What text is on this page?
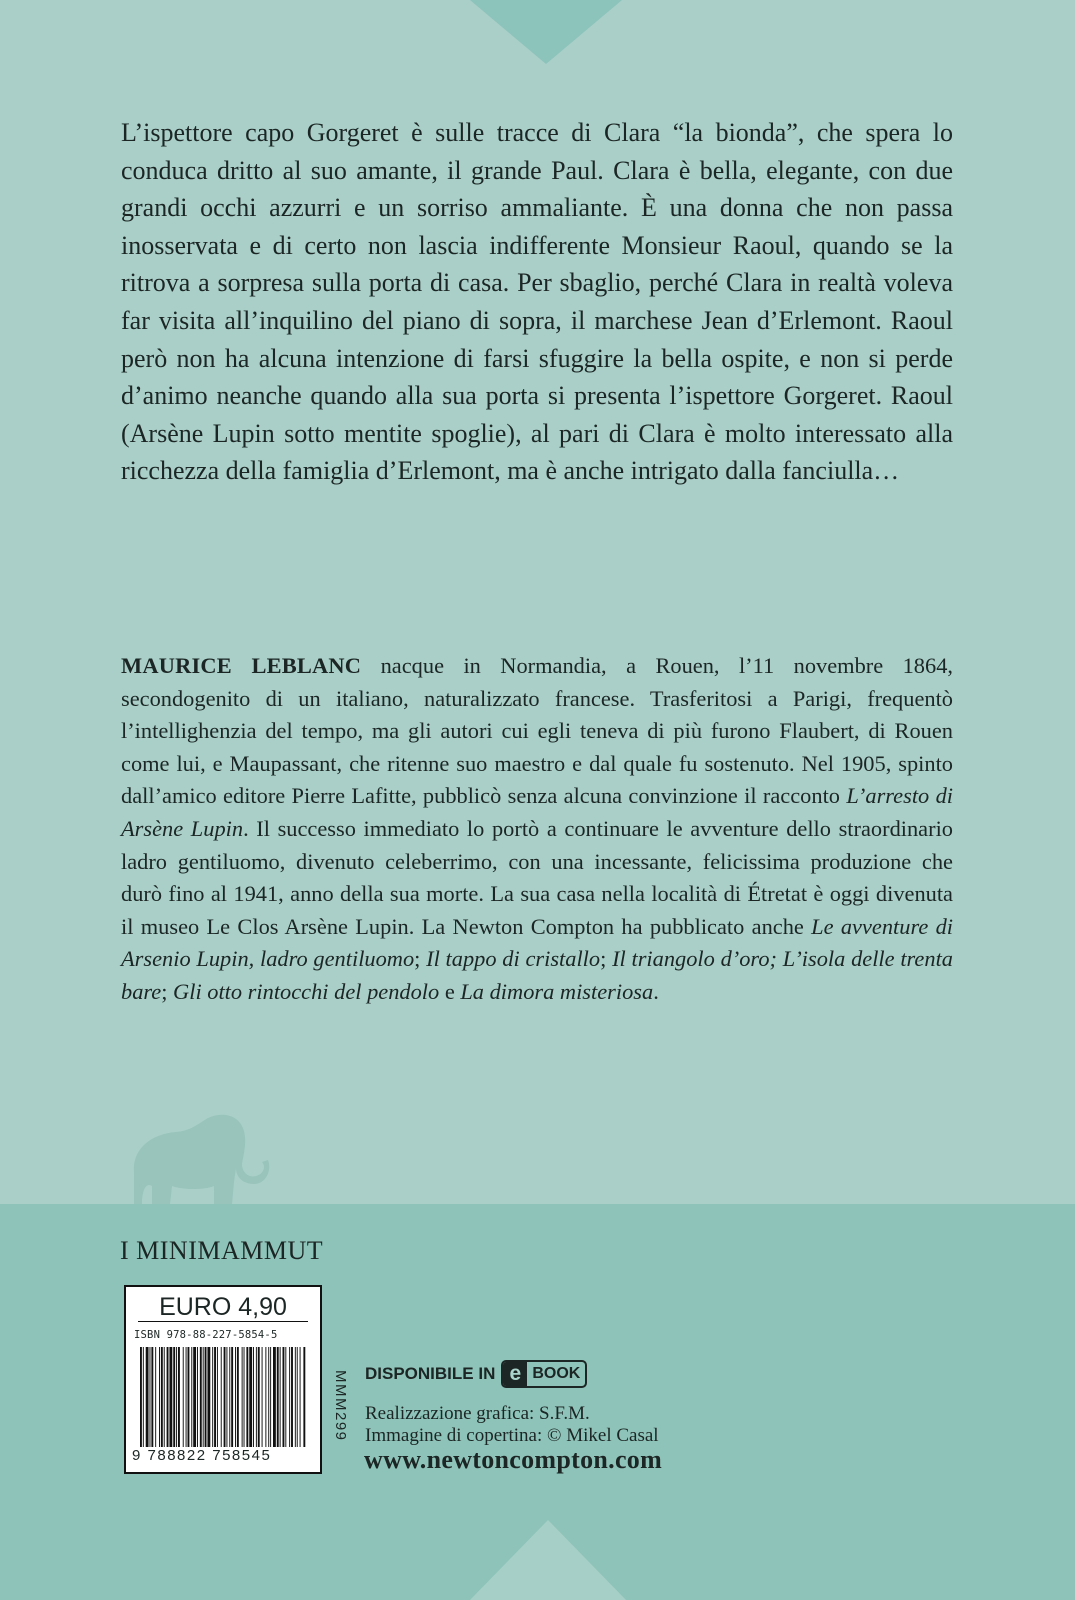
L’ispettore capo Gorgeret è sulle tracce di Clara “la bionda”, che spera lo conduca dritto al suo amante, il grande Paul. Clara è bella, elegante, con due grandi occhi azzurri e un sorriso ammaliante. È una donna che non passa inosservata e di certo non lascia indifferente Monsieur Raoul, quando se la ritrova a sorpresa sulla porta di casa. Per sbaglio, perché Clara in realtà voleva far visita all’inquilino del piano di sopra, il marchese Jean d’Erlemont. Raoul però non ha alcuna intenzione di farsi sfuggire la bella ospite, e non si perde d’animo neanche quando alla sua porta si presenta l’ispettore Gorgeret. Raoul (Arsène Lupin sotto mentite spoglie), al pari di Clara è molto interessato alla ricchezza della famiglia d’Erlemont, ma è anche intrigato dalla fanciulla…

MAURICE LEBLANC nacque in Normandia, a Rouen, l’11 novembre 1864, secondogenito di un italiano, naturalizzato francese. Trasferitosi a Parigi, frequentò l’intellighenzia del tempo, ma gli autori cui egli teneva di più furono Flaubert, di Rouen come lui, e Maupassant, che ritenne suo maestro e dal quale fu sostenuto. Nel 1905, spinto dall’amico editore Pierre Lafitte, pubblicò senza alcuna convinzione il racconto L’arresto di Arsène Lupin. Il successo immediato lo portò a continuare le avventure dello straordinario ladro gentiluomo, divenuto celeberrimo, con una incessante, felicissima produzione che durò fino al 1941, anno della sua morte. La sua casa nella località di Étretat è oggi divenuta il museo Le Clos Arsène Lupin. La Newton Compton ha pubblicato anche Le avventure di Arsenio Lupin, ladro gentiluomo; Il tappo di cristallo; Il triangolo d’oro; L’isola delle trenta bare; Gli otto rintocchi del pendolo e La dimora misteriosa.

I MINIMAMMUT
EURO 4,90
ISBN 978-88-227-5854-5
9 788822 758545
MMM299 DISPONIBILE IN e BOOK
Realizzazione grafica: S.F.M.
Immagine di copertina: © Mikel Casal
www.newtoncompton.com
